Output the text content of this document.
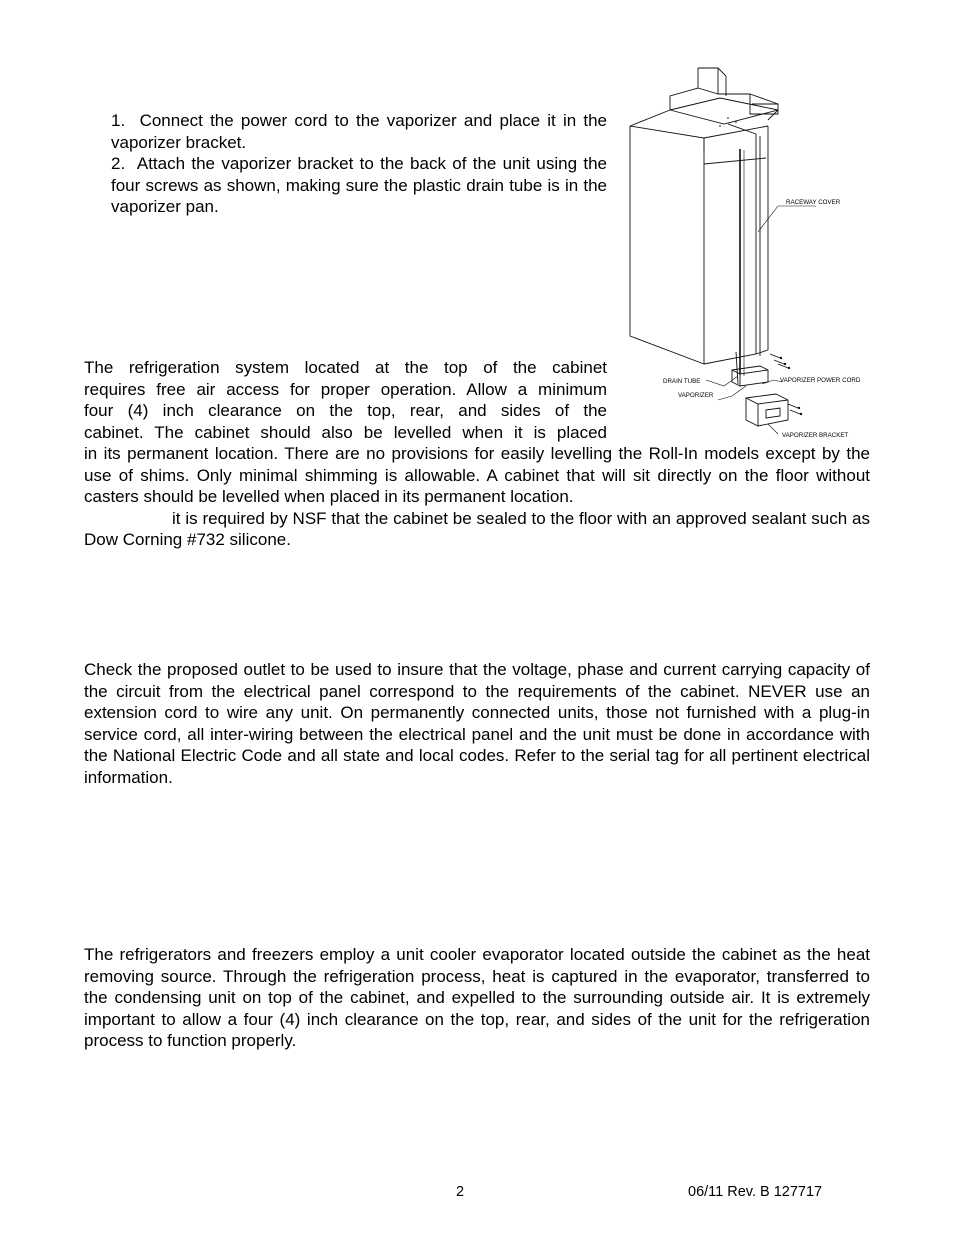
1. Connect the power cord to the vaporizer and place it in the vaporizer bracket.
2. Attach the vaporizer bracket to the back of the unit using the four screws as shown, making sure the plastic drain tube is in the vaporizer pan.
The refrigeration system located at the top of the cabinet
requires free air access for proper operation. Allow a minimum
four (4) inch clearance on the top, rear, and sides of the
cabinet. The cabinet should also be levelled when it is placed
in its permanent location. There are no provisions for easily levelling the Roll-In models except by the use of shims. Only minimal shimming is allowable. A cabinet that will sit directly on the floor without casters should be levelled when placed in its permanent location.
it is required by NSF that the cabinet be sealed to the floor with an approved sealant such as Dow Corning #732 silicone.
Check the proposed outlet to be used to insure that the voltage, phase and current carrying capacity of the circuit from the electrical panel correspond to the requirements of the cabinet. NEVER use an extension cord to wire any unit. On permanently connected units, those not furnished with a plug-in service cord, all inter-wiring between the electrical panel and the unit must be done in accordance with the National Electric Code and all state and local codes. Refer to the serial tag for all pertinent electrical information.
The refrigerators and freezers employ a unit cooler evaporator located outside the cabinet as the heat removing source. Through the refrigeration process, heat is captured in the evaporator, transferred to the condensing unit on top of the cabinet, and expelled to the surrounding outside air. It is extremely important to allow a four (4) inch clearance on the top, rear, and sides of the unit for the refrigeration process to function properly.
RACEWAY COVER
DRAIN TUBE	VAPORIZER POWER CORD
VAPORIZER
VAPORIZER BRACKET
2	06/11 Rev. B 127717
